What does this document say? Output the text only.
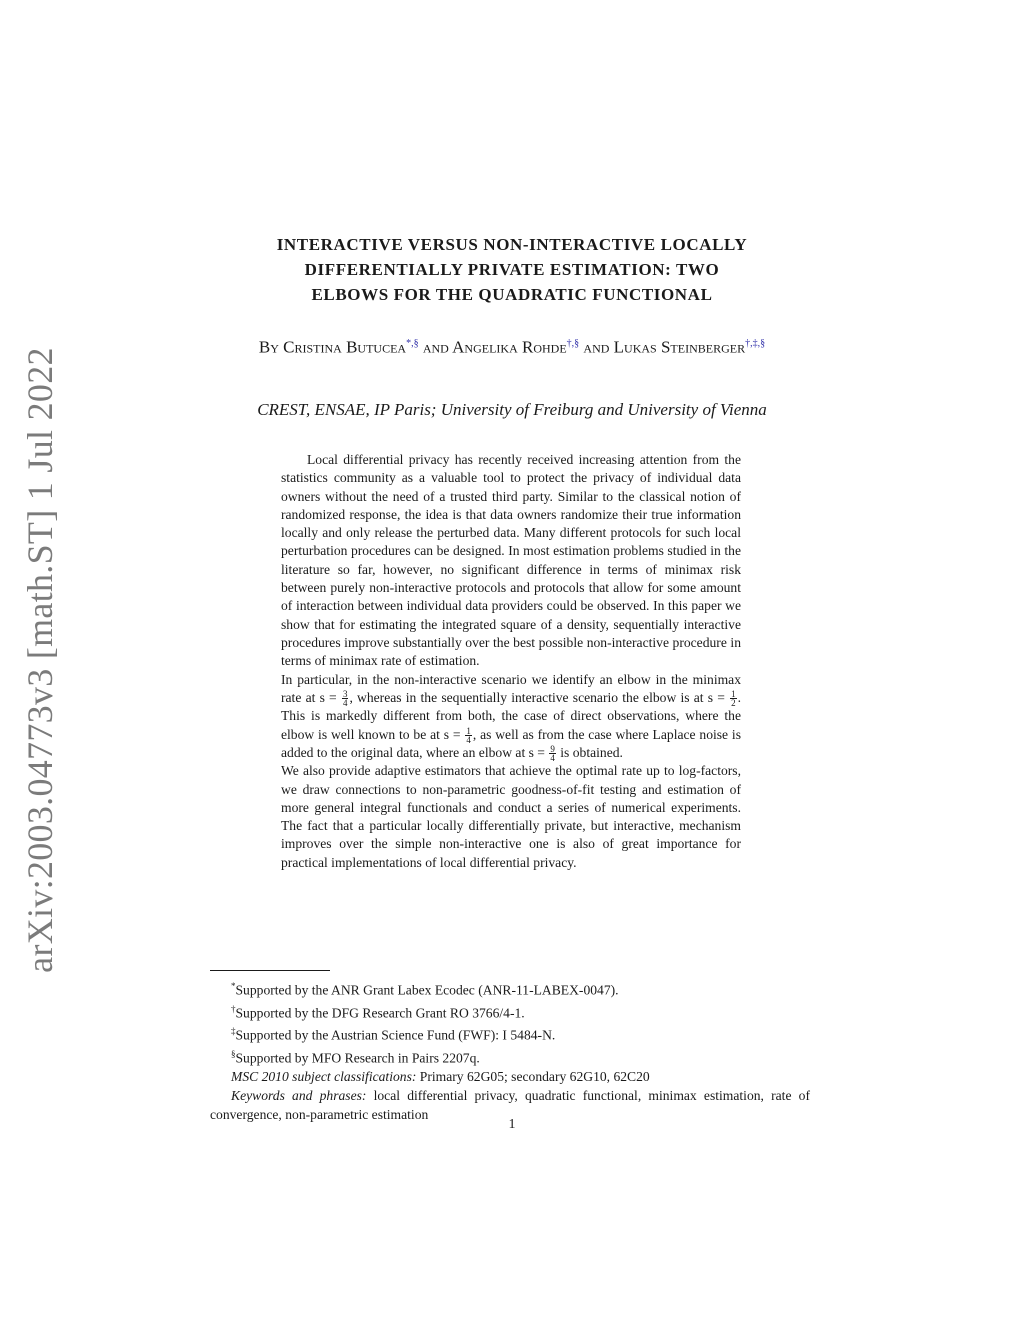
arXiv:2003.04773v3 [math.ST] 1 Jul 2022
INTERACTIVE VERSUS NON-INTERACTIVE LOCALLY
DIFFERENTIALLY PRIVATE ESTIMATION: TWO
ELBOWS FOR THE QUADRATIC FUNCTIONAL
By Cristina Butucea*,§ and Angelika Rohde†,§ and Lukas Steinberger†,‡,§
CREST, ENSAE, IP Paris; University of Freiburg and University of Vienna

Local differential privacy has recently received increasing attention from the statistics community as a valuable tool to protect the privacy of individual data owners without the need of a trusted third party. Similar to the classical notion of randomized response, the idea is that data owners randomize their true information locally and only release the perturbed data. Many different protocols for such local perturbation procedures can be designed. In most estimation problems studied in the literature so far, however, no significant difference in terms of minimax risk between purely non-interactive protocols and protocols that allow for some amount of interaction between individual data providers could be observed. In this paper we show that for estimating the integrated square of a density, sequentially interactive procedures improve substantially over the best possible non-interactive procedure in terms of minimax rate of estimation.

In particular, in the non-interactive scenario we identify an elbow in the minimax rate at $s = \frac{3}{4}$ , whereas in the sequentially interactive scenario the elbow is at $s = \frac{1}{2}$ . This is markedly different from both, the case of direct observations, where the elbow is well known to be at $s = \frac{1}{4}$ , as well as from the case where Laplace noise is added to the original data, where an elbow at $s = \frac{9}{4}$ is obtained.

We also provide adaptive estimators that achieve the optimal rate up to log-factors, we draw connections to non-parametric goodness-of-fit testing and estimation of more general integral functionals and conduct a series of numerical experiments. The fact that a particular locally differentially private, but interactive, mechanism improves over the simple non-interactive one is also of great importance for practical implementations of local differential privacy.

*Supported by the ANR Grant Labex Ecodec (ANR-11-LABEX-0047).

†Supported by the DFG Research Grant RO 3766/4-1.

‡Supported by the Austrian Science Fund (FWF): I 5484-N.

§Supported by MFO Research in Pairs 2207q.

MSC 2010 subject classifications: Primary 62G05; secondary 62G10, 62C20

Keywords and phrases: local differential privacy, quadratic functional, minimax estimation, rate of convergence, non-parametric estimation

1
